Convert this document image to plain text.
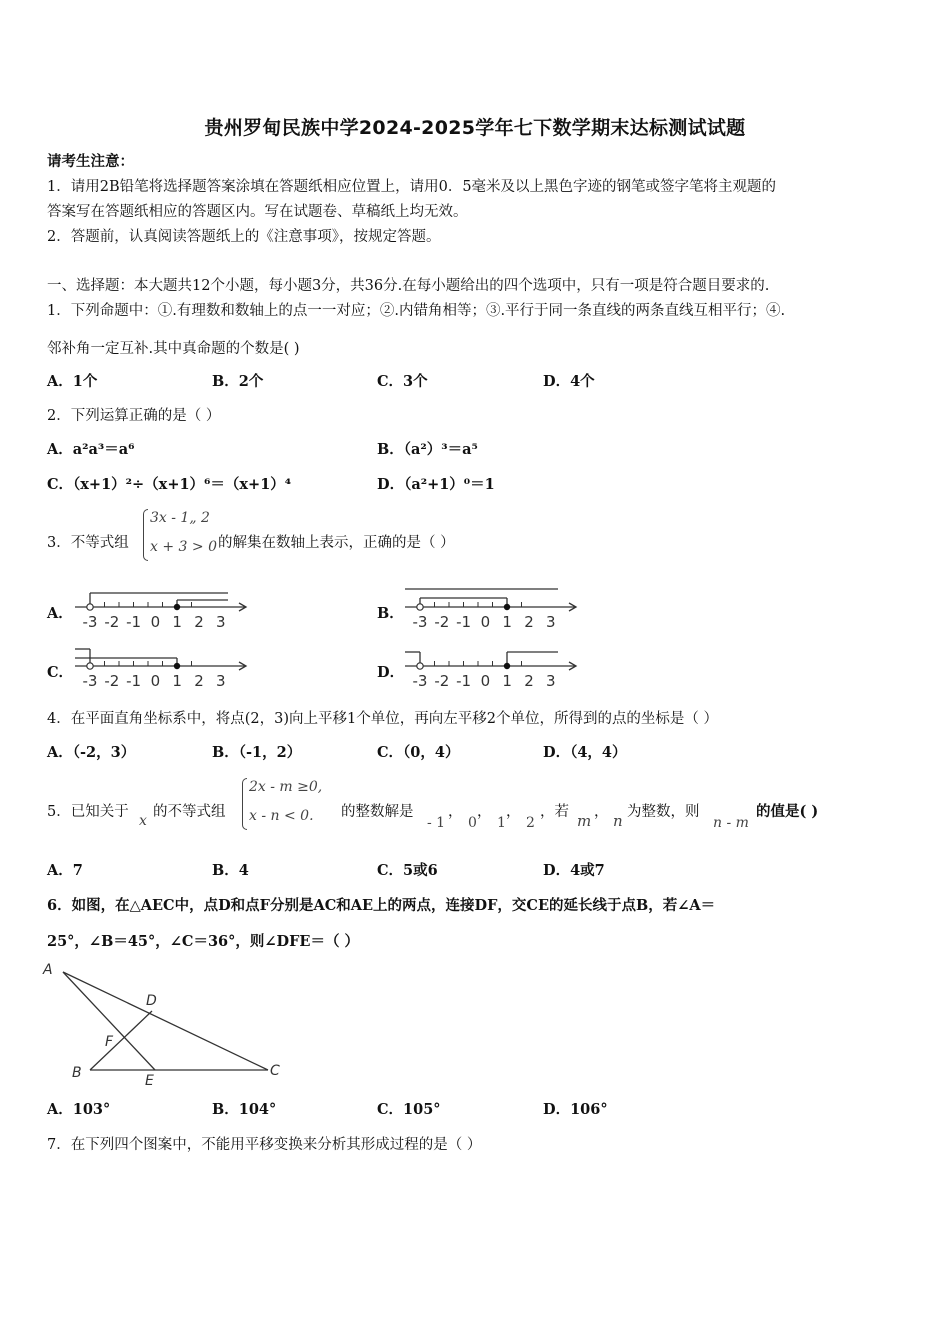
贵州罗甸民族中学2024-2025学年七下数学期末达标测试试题
请考生注意：
1．请用2B铅笔将选择题答案涂填在答题纸相应位置上，请用0．5毫米及以上黑色字迹的钢笔或签字笔将主观题的
答案写在答题纸相应的答题区内。写在试题卷、草稿纸上均无效。
2．答题前，认真阅读答题纸上的《注意事项》，按规定答题。
一、选择题：本大题共12个小题，每小题3分，共36分.在每小题给出的四个选项中，只有一项是符合题目要求的.
1．下列命题中：①.有理数和数轴上的点一一对应；②.内错角相等；③.平行于同一条直线的两条直线互相平行；④.
邻补角一定互补.其中真命题的个数是( )
A．1个	B．2个	C．3个	D．4个
2．下列运算正确的是（ ）
A．a²a³＝a⁶	B．（a²）³＝a⁵
C．（x+1）²÷（x+1）⁶＝（x+1）⁴	D．（a²+1）⁰＝1
3．不等式组
3x - 1„ 2
x + 3 > 0 的解集在数轴上表示，正确的是（ ）
A．	B．
C．	D．
-3 -2 -1 0 1 2 3	-3 -2 -1 0 1 2 3
-3 -2 -1 0 1 2 3	-3 -2 -1 0 1 2 3
4．在平面直角坐标系中，将点(2，3)向上平移1个单位，再向左平移2个单位，所得到的点的坐标是（ ）
A．（-2，3）	B．（-1，2）	C．（0，4）	D．（4，4）
5．已知关于
x
的不等式组
2x - m ≥0,
x - n < 0. 的整数解是
- 1
，
0
，
1
，
2
，若 m ， n 为整数，则
n - m
的值是( )
A．7	B．4	C．5或6	D．4或7
6．如图，在△AEC中，点D和点F分别是AC和AE上的两点，连接DF，交CE的延长线于点B，若∠A＝
25°，∠B＝45°，∠C＝36°，则∠DFE＝（ ）
A
D
F
B	E
C
A．103°	B．104°	C．105°	D．106°
7．在下列四个图案中，不能用平移变换来分析其形成过程的是（ ）
